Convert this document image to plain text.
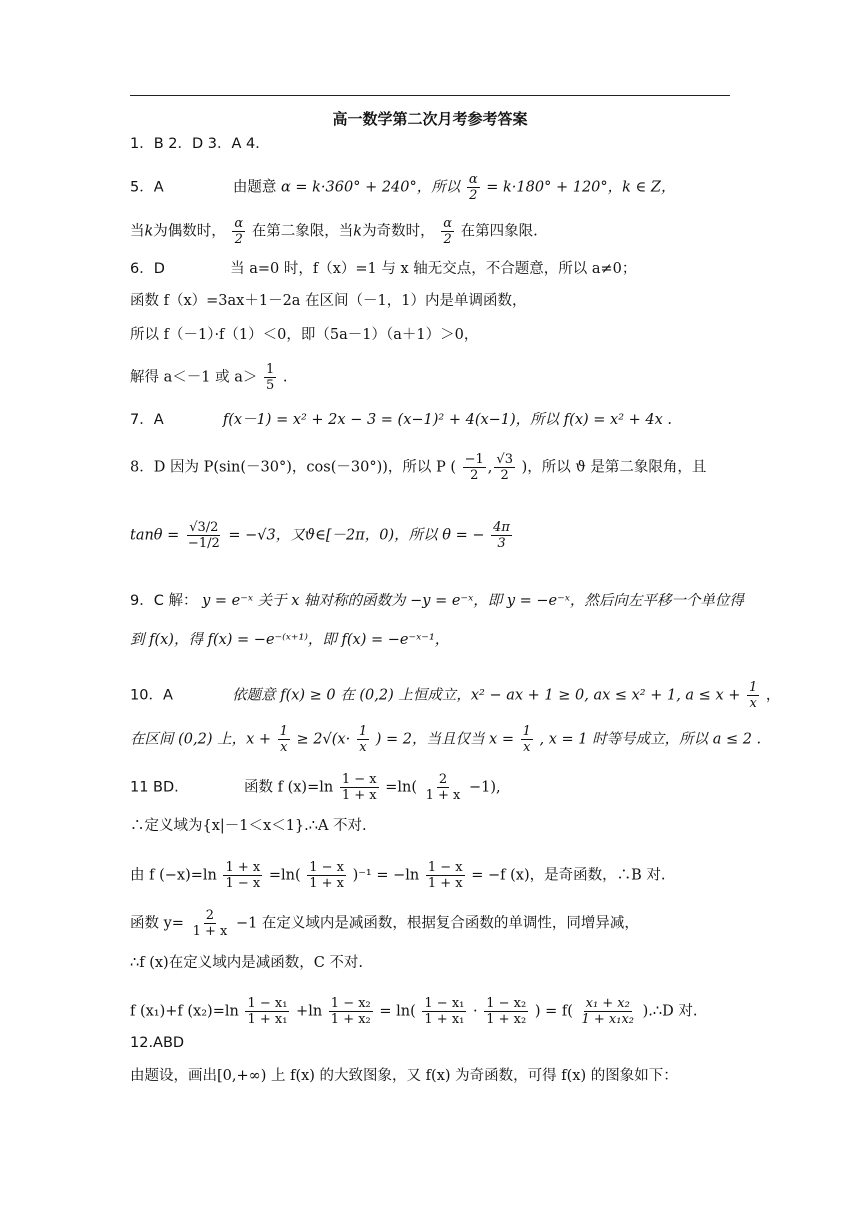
高一数学第二次月考参考答案
1．B 2．D 3．A 4．
5．A	由题意 α = k·360° + 240°，所以 $\frac{\alpha}{2} = k\cdot 180^\circ + 120^\circ$，k ∈ Z，
当k为偶数时， $\frac{\alpha}{2}$ 在第二象限，当k为奇数时， $\frac{\alpha}{2}$ 在第四象限.
6．D	当 a=0 时，f（x）=1 与 x 轴无交点，不合题意，所以 a≠0；
函数 f（x）=3ax＋1－2a 在区间（－1，1）内是单调函数，
所以 f（－1）·f（1）＜0，即（5a－1）（a＋1）＞0，
解得 a＜－1 或 $a> \frac{1}{5}$ .
7．A	f(x－1) = x² + 2x − 3 = (x−1)² + 4(x−1)，所以 f(x) = x² + 4x .
8．D 因为 P(sin(－30°)，cos(－30°))，所以 P ( $\frac{-1}{2}$ , $\frac{√3}{2}$ )，所以 ϑ 是第二象限角，且
$\tan\theta = \frac{√3/2}{-1/2} = -√3$，又ϑ∈[－2π，0)，所以 θ = − $\frac{4\pi}{3}$
9．C 解： y = e⁻ˣ 关于 x 轴对称的函数为 −y = e⁻ˣ，即 y = −e⁻ˣ，然后向左平移一个单位得
到 f(x)，得 f(x) = −e⁻⁽ˣ⁺¹⁾，即 f(x) = −e⁻ˣ⁻¹，
10．A	依题意 f(x) ≥ 0 在 (0,2) 上恒成立，x² − ax + 1 ≥ 0, ax ≤ x² + 1, $a \le x + \frac{1}{x}$ ，
在区间 (0,2) 上，$x + \frac{1}{x} \ge 2√(x\cdot \frac{1}{x}$ ) = 2，当且仅当 $x = \frac{1}{x}$ , x = 1 时等号成立，所以 a ≤ 2 .
11 BD.	函数 f $(x)=\ln \frac{1 - x}{1 + x} =\ln( \frac{2}{1 + x} -1)$,
∴定义域为{x|－1＜x＜1}.∴A 不对.
由 f $(-x)=\ln \frac{1 + x}{1 - x} =\ln( \frac{1 - x}{1 + x} )^{-1} = -\ln \frac{1 - x}{1 + x} = -f$ (x)，是奇函数，∴B 对.
函数 $y= \frac{2}{1 + x} -1$ 在定义域内是减函数，根据复合函数的单调性，同增异减，
∴f (x)在定义域内是减函数，C 不对.
f (x₁)+f $(x_2)=\ln \frac{\text{1 − x₁}}{\text{1 + x₁}} +\ln \frac{\text{1 − x₂}}{\text{1 + x₂}} = \ln( \frac{\text{1 − x₁}}{\text{1 + x₁}} \cdot \frac{\text{1 − x₂}}{\text{1 + x₂}}$ ) = $f( \frac{\text{x₁ + x₂}}{\text{1 + x₁x₂}}$ ).∴D 对.
12.ABD
由题设，画出[0,+∞) 上 f(x) 的大致图象，又 f(x) 为奇函数，可得 f(x) 的图象如下：
